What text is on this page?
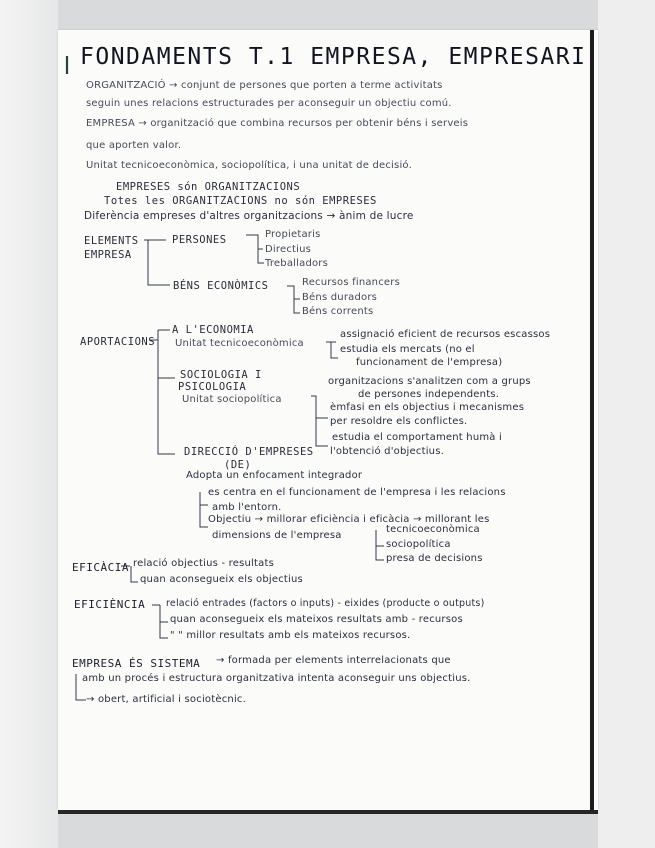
FONDAMENTS T.1 EMPRESA, EMPRESARI
ORGANITZACIÓ → conjunt de persones que porten a terme activitats
seguin unes relacions estructurades per aconseguir un objectiu comú.
EMPRESA → organització que combina recursos per obtenir béns i serveis
que aporten valor.
Unitat tecnicoeconòmica, sociopolítica, i una unitat de decisió.
EMPRESES són ORGANITZACIONS
Totes les ORGANITZACIONS no són EMPRESES
Diferència empreses d'altres organitzacions → ànim de lucre
ELEMENTS
EMPRESA
PERSONES	Propietaris
Directius
Treballadors
BÉNS ECONÒMICS	Recursos financers
Béns duradors
Béns corrents
APORTACIONS
A L'ECONOMIA
Unitat tecnicoeconòmica
assignació eficient de recursos escassos
estudia els mercats (no el
funcionament de l'empresa)
SOCIOLOGIA I
PSICOLOGIA
Unitat sociopolítica
organitzacions s'analitzen com a grups
de persones independents.
èmfasi en els objectius i mecanismes
per resoldre els conflictes.
estudia el comportament humà i
l'obtenció d'objectius.
DIRECCIÓ D'EMPRESES
(DE)
Adopta un enfocament integrador
es centra en el funcionament de l'empresa i les relacions
amb l'entorn.
Objectiu → millorar eficiència i eficàcia → millorant les
dimensions de l'empresa
tecnicoeconòmica
sociopolítica
presa de decisions
EFICÀCIA relació objectius - resultats
quan aconsegueix els objectius
EFICIÈNCIA relació entrades (factors o inputs) - eixides (producte o outputs)
quan aconsegueix els mateixos resultats amb - recursos
" " millor resultats amb els mateixos recursos.
EMPRESA ÉS SISTEMA → formada per elements interrelacionats que
amb un procés i estructura organitzativa intenta aconseguir uns objectius.
→ obert, artificial i sociotècnic.
